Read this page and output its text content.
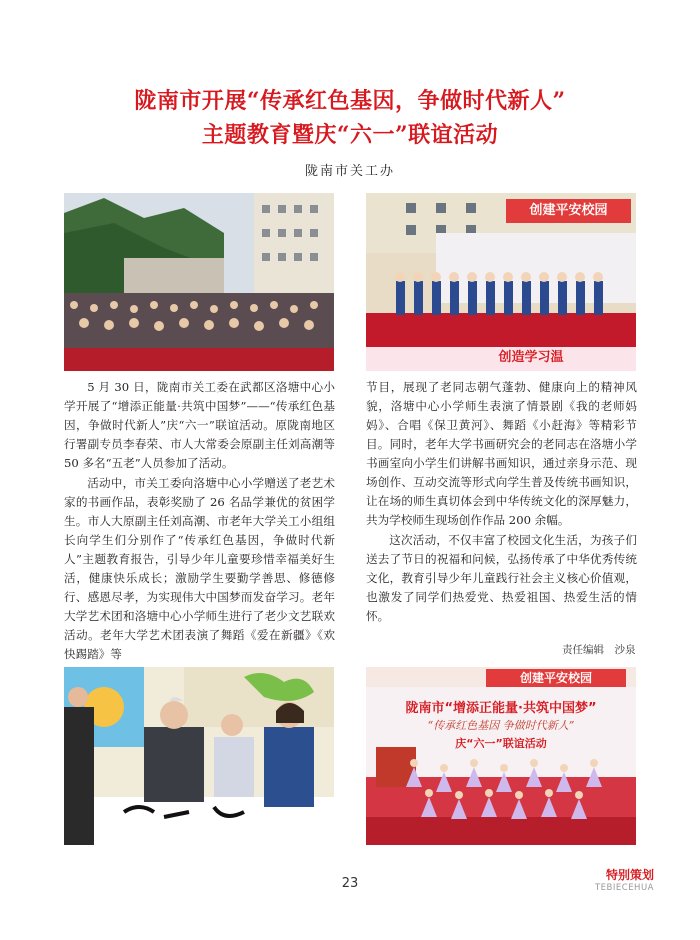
陇南市开展“传承红色基因，争做时代新人”
主题教育暨庆“六一”联谊活动
陇南市关工办
创建平安校园
创造学习温

5 月 30 日，陇南市关工委在武都区洛塘中心小学开展了“增添正能量·共筑中国梦”——“传承红色基因，争做时代新人”庆“六一”联谊活动。原陇南地区行署副专员李春荣、市人大常委会原副主任刘高潮等 50 多名“五老”人员参加了活动。

活动中，市关工委向洛塘中心小学赠送了老艺术家的书画作品，表彰奖励了 26 名品学兼优的贫困学生。市人大原副主任刘高潮、市老年大学关工小组组长向学生们分别作了“传承红色基因，争做时代新人”主题教育报告，引导少年儿童要珍惜幸福美好生活，健康快乐成长；激励学生要勤学善思、修德修行、感恩尽孝，为实现伟大中国梦而发奋学习。老年大学艺术团和洛塘中心小学师生进行了老少文艺联欢活动。老年大学艺术团表演了舞蹈《爱在新疆》《欢快踢踏》等

节目，展现了老同志朝气蓬勃、健康向上的精神风貌，洛塘中心小学师生表演了情景剧《我的老师妈妈》、合唱《保卫黄河》、舞蹈《小赶海》等精彩节目。同时，老年大学书画研究会的老同志在洛塘小学书画室向小学生们讲解书画知识，通过亲身示范、现场创作、互动交流等形式向学生普及传统书画知识，让在场的师生真切体会到中华传统文化的深厚魅力，共为学校师生现场创作作品 200 余幅。

这次活动，不仅丰富了校园文化生活，为孩子们送去了节日的祝福和问候，弘扬传承了中华优秀传统文化，教育引导少年儿童践行社会主义核心价值观，也激发了同学们热爱党、热爱祖国、热爱生活的情怀。

责任编辑　沙泉
创建平安校园
陇南市“增添正能量·共筑中国梦”
“传承红色基因 争做时代新人”
庆“六一”联谊活动
23
特别策划
TEBIECEHUA
